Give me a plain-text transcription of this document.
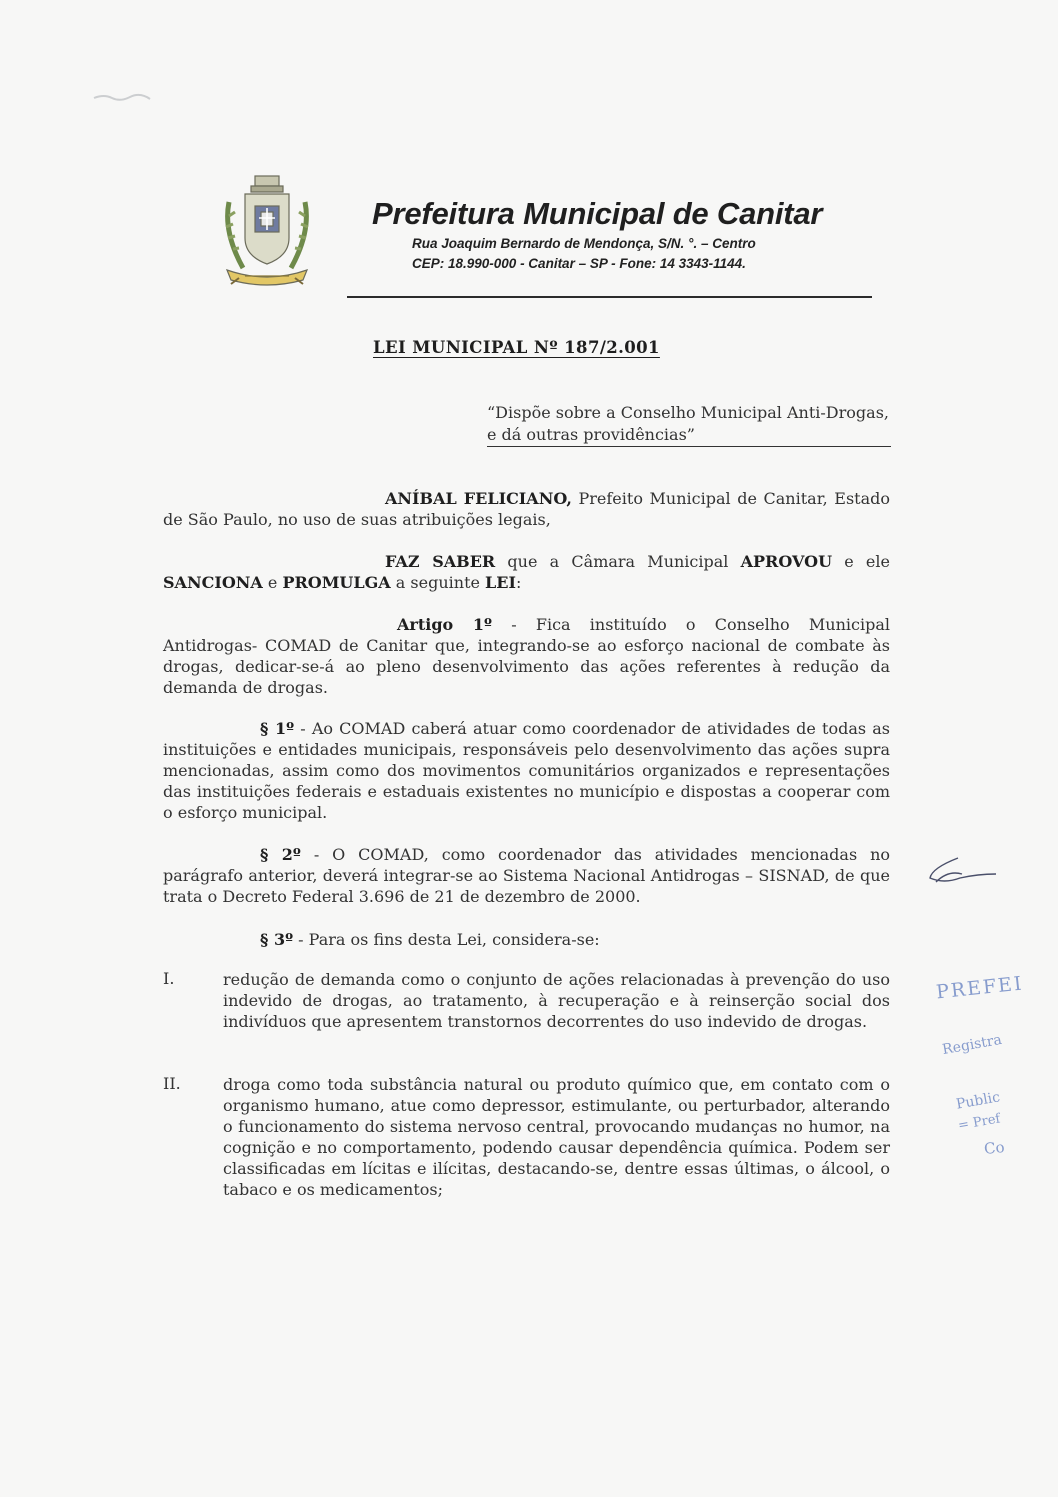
Prefeitura Municipal de Canitar
Rua Joaquim Bernardo de Mendonça, S/N. °. – Centro
CEP: 18.990-000 - Canitar – SP - Fone: 14 3343-1144.
LEI MUNICIPAL Nº 187/2.001
“Dispõe sobre a Conselho Municipal Anti-Drogas, e dá outras providências”
ANÍBAL FELICIANO, Prefeito Municipal de Canitar, Estado de São Paulo, no uso de suas atribuições legais,
FAZ SABER que a Câmara Municipal APROVOU e ele SANCIONA e PROMULGA a seguinte LEI:
Artigo 1º - Fica instituído o Conselho Municipal Antidrogas- COMAD de Canitar que, integrando-se ao esforço nacional de combate às drogas, dedicar-se-á ao pleno desenvolvimento das ações referentes à redução da demanda de drogas.
§ 1º - Ao COMAD caberá atuar como coordenador de atividades de todas as instituições e entidades municipais, responsáveis pelo desenvolvimento das ações supra mencionadas, assim como dos movimentos comunitários organizados e representações das instituições federais e estaduais existentes no município e dispostas a cooperar com o esforço municipal.
§ 2º - O COMAD, como coordenador das atividades mencionadas no parágrafo anterior, deverá integrar-se ao Sistema Nacional Antidrogas – SISNAD, de que trata o Decreto Federal 3.696 de 21 de dezembro de 2000.
§ 3º - Para os fins desta Lei, considera-se:
I.	redução de demanda como o conjunto de ações relacionadas à prevenção do uso indevido de drogas, ao tratamento, à recuperação e à reinserção social dos indivíduos que apresentem transtornos decorrentes do uso indevido de drogas.
II.	droga como toda substância natural ou produto químico que, em contato com o organismo humano, atue como depressor, estimulante, ou perturbador, alterando o funcionamento do sistema nervoso central, provocando mudanças no humor, na cognição e no comportamento, podendo causar dependência química. Podem ser classificadas em lícitas e ilícitas, destacando-se, dentre essas últimas, o álcool, o tabaco e os medicamentos;
PREFEI
Registra
Public
= Pref
Co
